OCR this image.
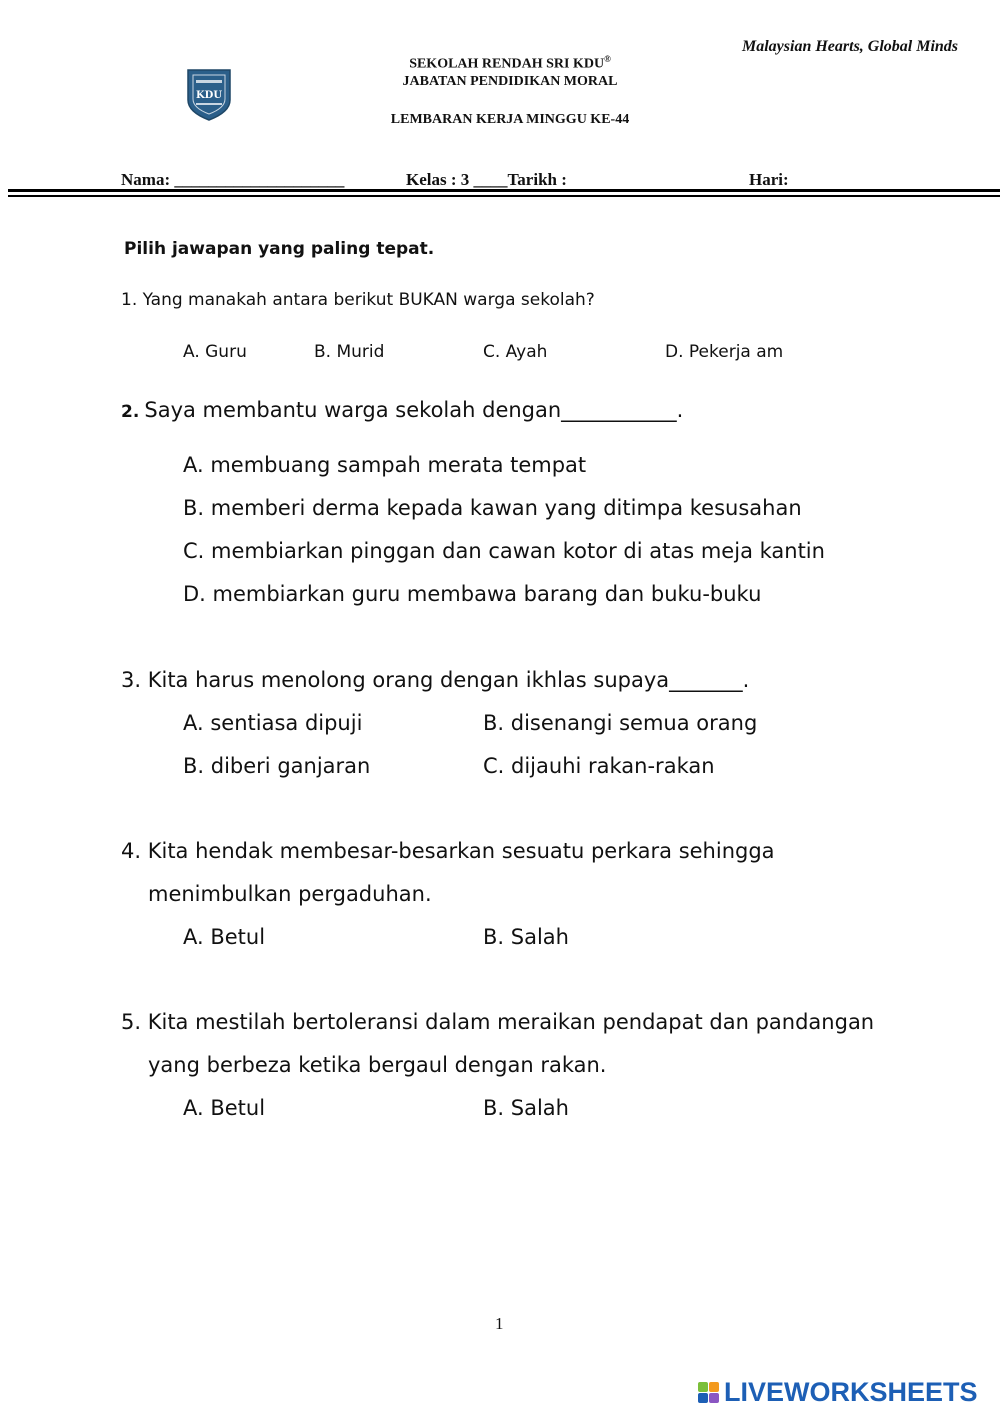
Malaysian Hearts, Global Minds
KDU
SEKOLAH RENDAH SRI KDU®
JABATAN PENDIDIKAN MORAL
LEMBARAN KERJA MINGGU KE-44
Nama: ____________________	Kelas : 3 ____Tarikh :	Hari:
Pilih jawapan yang paling tepat.
1. Yang manakah antara berikut BUKAN warga sekolah?
A. Guru	B. Murid	C. Ayah	D. Pekerja am
2. Saya membantu warga sekolah dengan___________.
A. membuang sampah merata tempat
B. memberi derma kepada kawan yang ditimpa kesusahan
C. membiarkan pinggan dan cawan kotor di atas meja kantin
D. membiarkan guru membawa barang dan buku-buku
3. Kita harus menolong orang dengan ikhlas supaya_______.
A. sentiasa dipuji	B. disenangi semua orang
B. diberi ganjaran	C. dijauhi rakan-rakan
4. Kita hendak membesar-besarkan sesuatu perkara sehingga
menimbulkan pergaduhan.
A. Betul	B. Salah
5. Kita mestilah bertoleransi dalam meraikan pendapat dan pandangan
yang berbeza ketika bergaul dengan rakan.
A. Betul	B. Salah
1
LIVEWORKSHEETS
